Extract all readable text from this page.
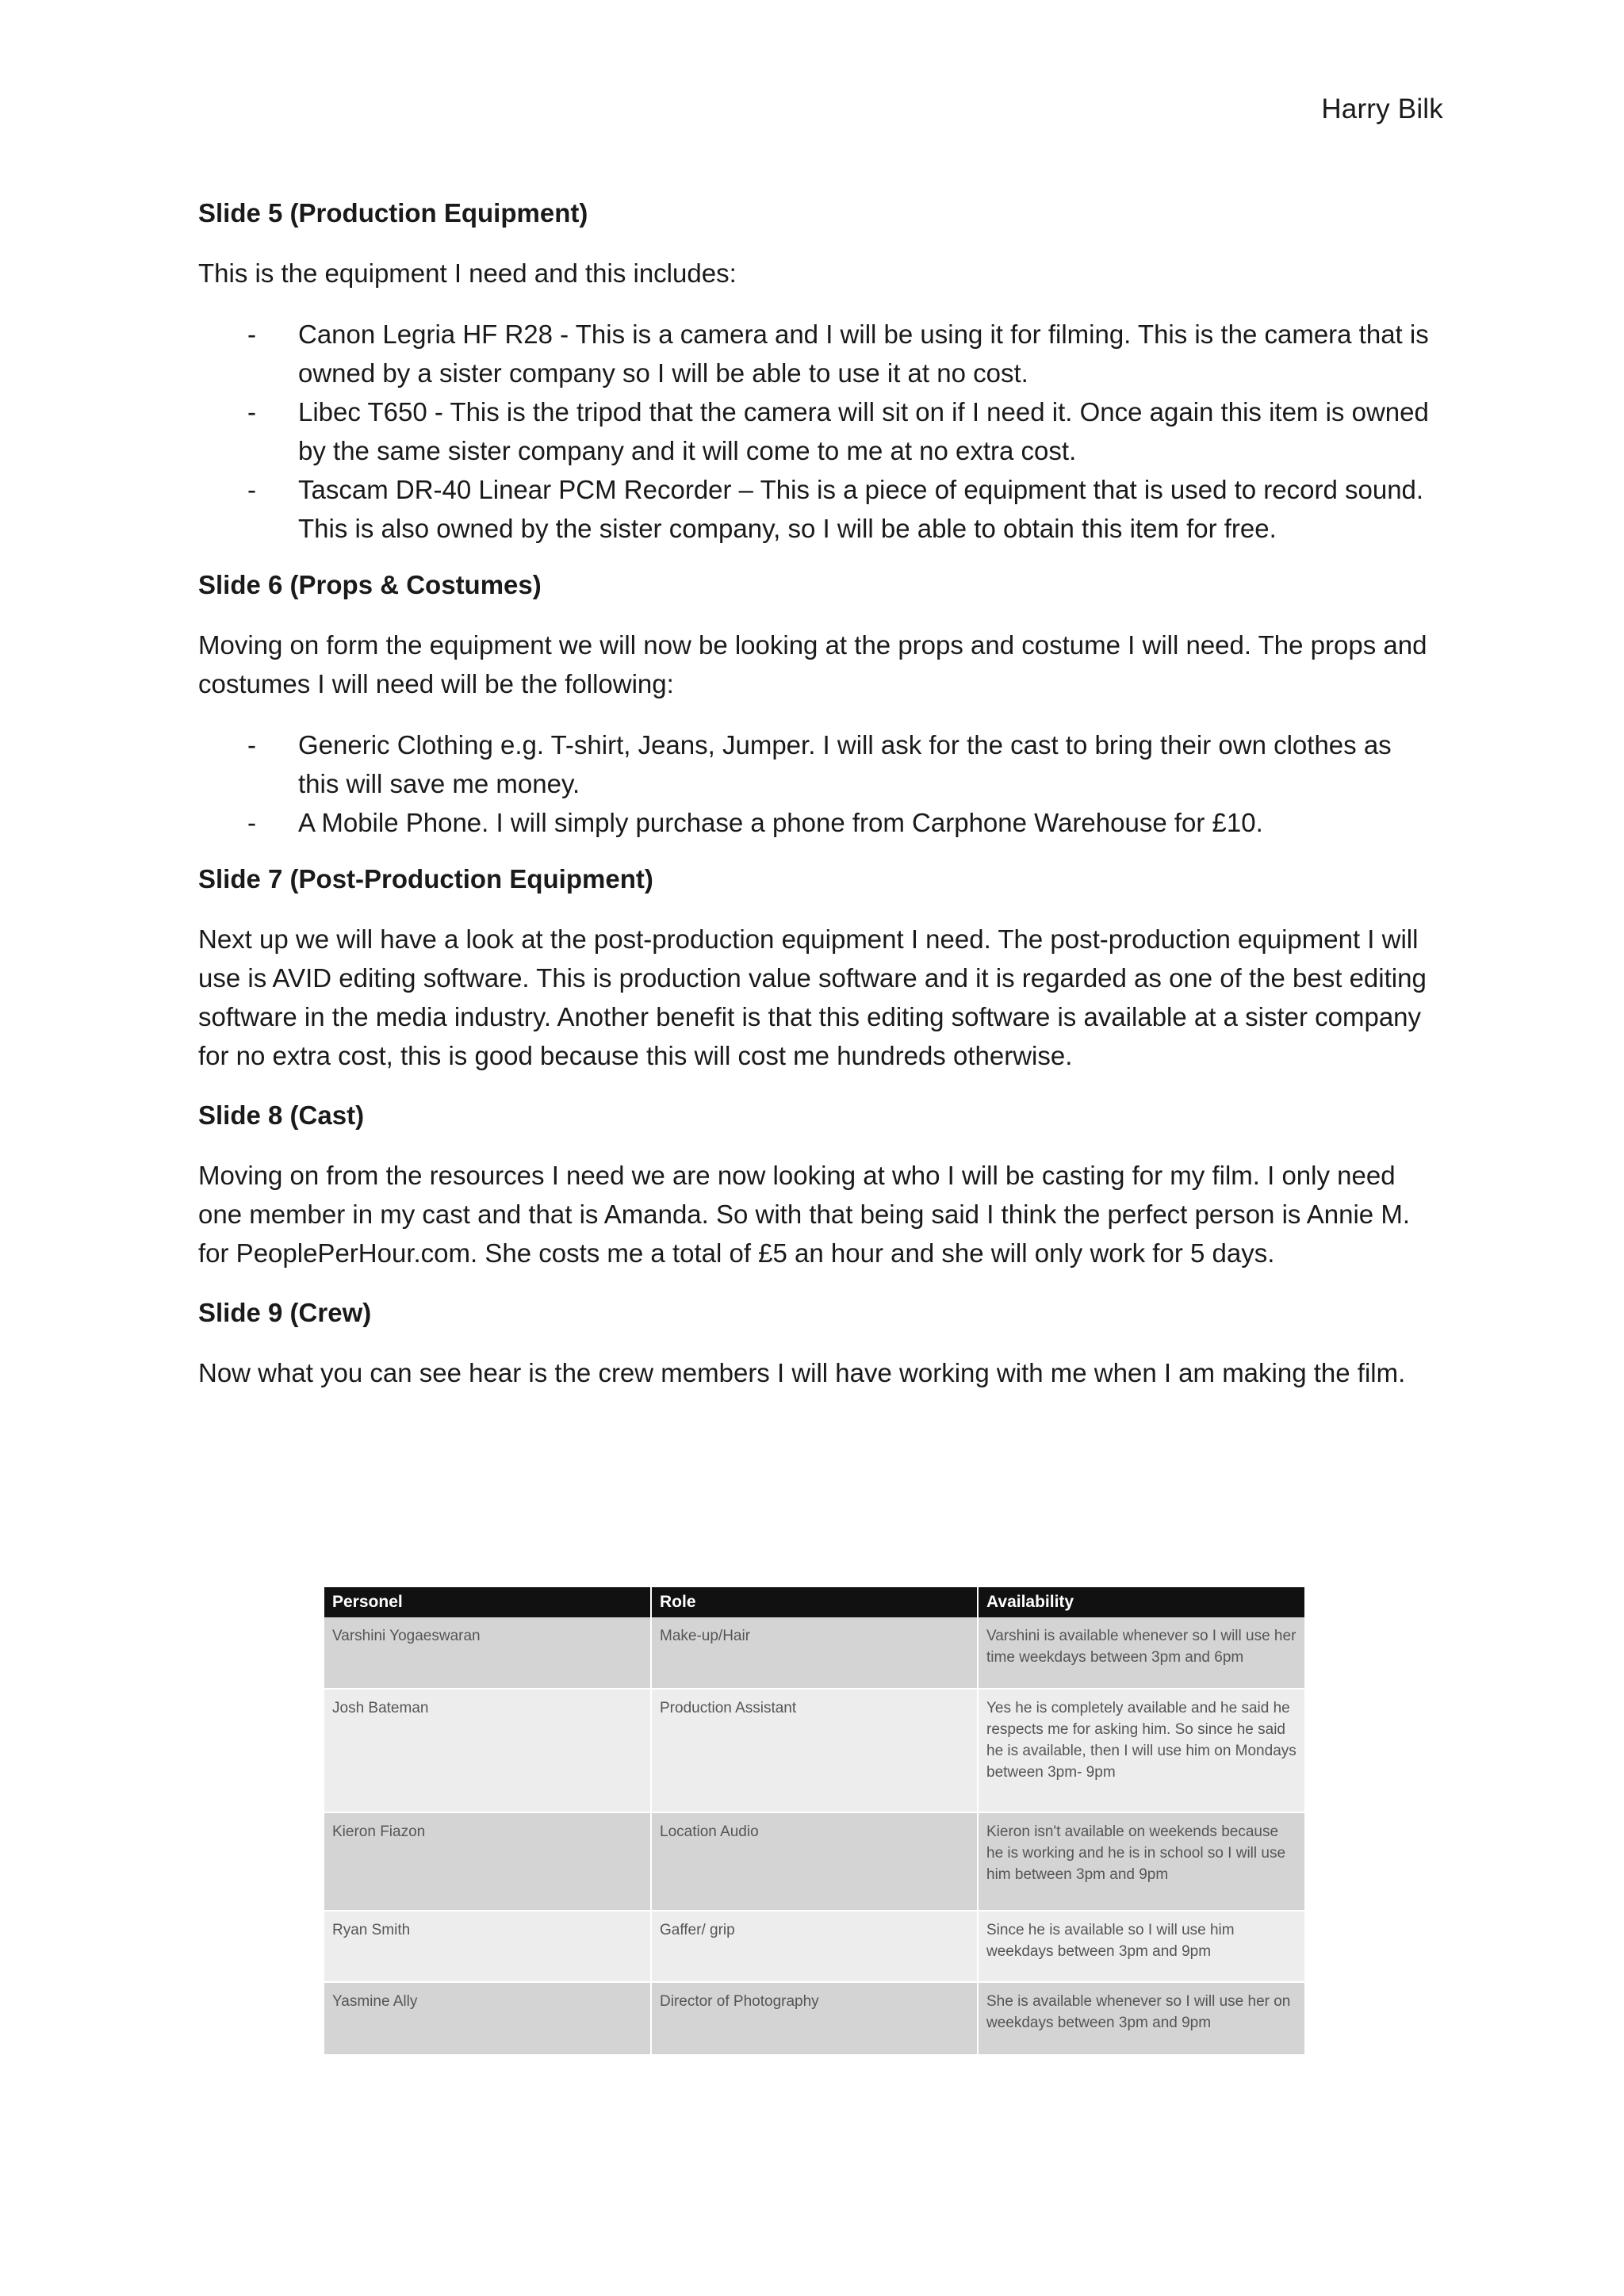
Harry Bilk
Slide 5 (Production Equipment)
This is the equipment I need and this includes:
- Canon Legria HF R28 - This is a camera and I will be using it for filming. This is the camera that is owned by a sister company so I will be able to use it at no cost.
- Libec T650 - This is the tripod that the camera will sit on if I need it. Once again this item is owned by the same sister company and it will come to me at no extra cost.
- Tascam DR-40 Linear PCM Recorder – This is a piece of equipment that is used to record sound. This is also owned by the sister company, so I will be able to obtain this item for free.
Slide 6 (Props & Costumes)
Moving on form the equipment we will now be looking at the props and costume I will need. The props and costumes I will need will be the following:
- Generic Clothing e.g. T-shirt, Jeans, Jumper. I will ask for the cast to bring their own clothes as this will save me money.
- A Mobile Phone. I will simply purchase a phone from Carphone Warehouse for £10.
Slide 7 (Post-Production Equipment)
Next up we will have a look at the post-production equipment I need. The post-production equipment I will use is AVID editing software. This is production value software and it is regarded as one of the best editing software in the media industry. Another benefit is that this editing software is available at a sister company for no extra cost, this is good because this will cost me hundreds otherwise.
Slide 8 (Cast)
Moving on from the resources I need we are now looking at who I will be casting for my film. I only need one member in my cast and that is Amanda. So with that being said I think the perfect person is Annie M. for PeoplePerHour.com. She costs me a total of £5 an hour and she will only work for 5 days.
Slide 9 (Crew)
Now what you can see hear is the crew members I will have working with me when I am making the film.
Personel	Role	Availability
Varshini Yogaeswaran	Make-up/Hair	Varshini is available whenever so I will use her time weekdays between 3pm and 6pm
Josh Bateman	Production Assistant	Yes he is completely available and he said he respects me for asking him. So since he said he is available, then I will use him on Mondays between 3pm- 9pm
Kieron Fiazon	Location Audio	Kieron isn't available on weekends because he is working and he is in school so I will use him between 3pm and 9pm
Ryan Smith	Gaffer/ grip	Since he is available so I will use him weekdays between 3pm and 9pm
Yasmine Ally	Director of Photography	She is available whenever so I will use her on weekdays between 3pm and 9pm
